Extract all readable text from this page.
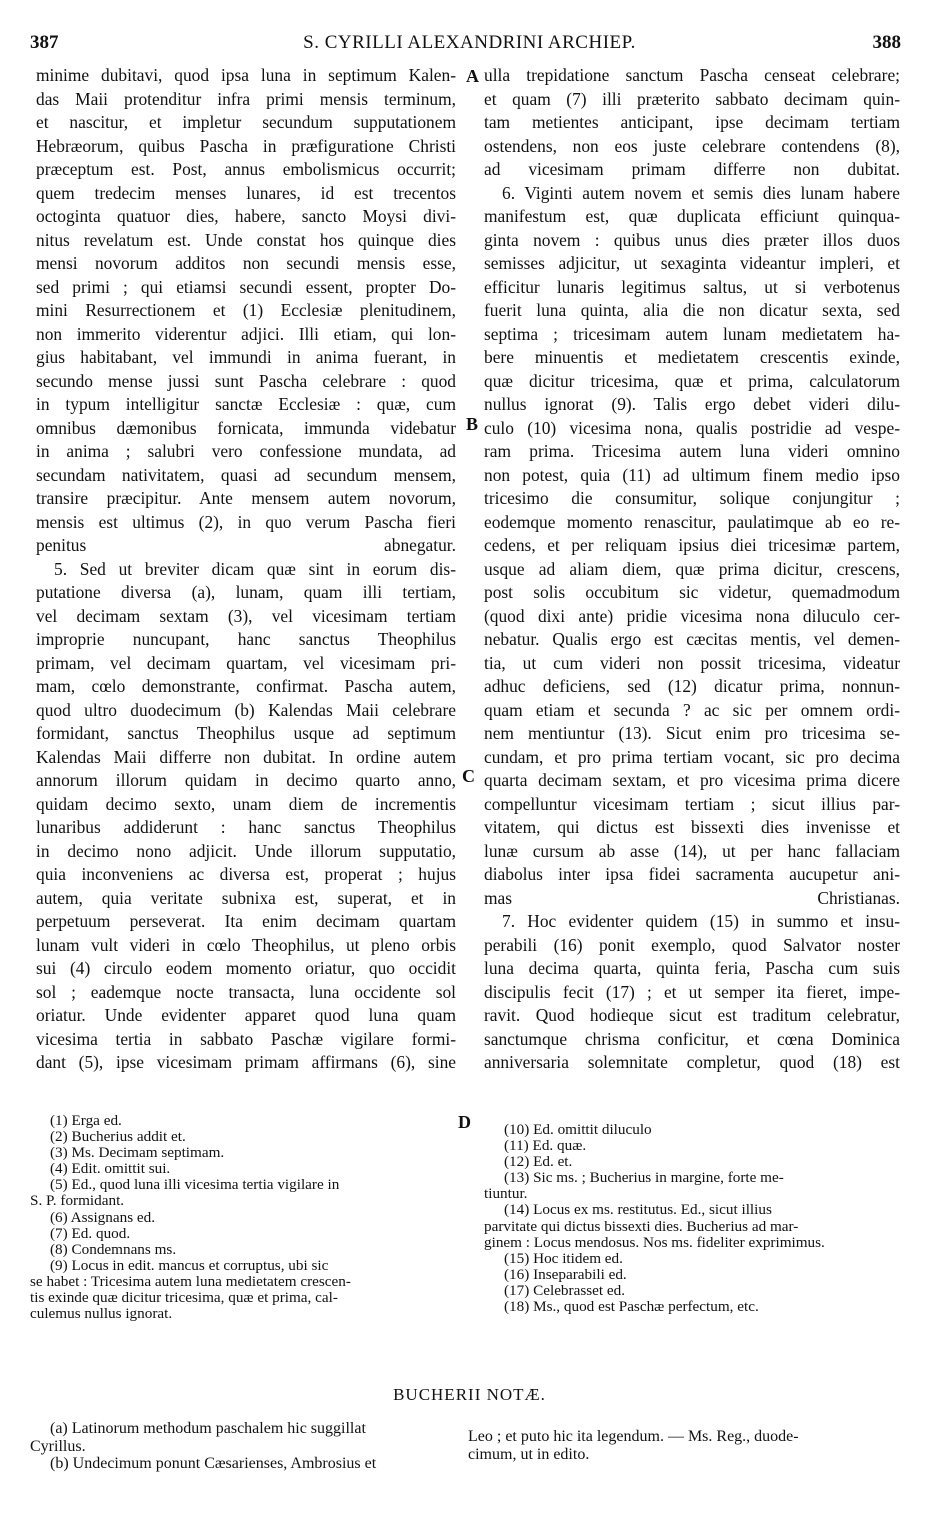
387	S. CYRILLI ALEXANDRINI ARCHIEP.	388
A
B
C
D
minime dubitavi, quod ipsa luna in septimum Kalen-
das Maii protenditur infra primi mensis terminum,
et nascitur, et impletur secundum supputationem
Hebræorum, quibus Pascha in præfiguratione Christi
præceptum est. Post, annus embolismicus occurrit;
quem tredecim menses lunares, id est trecentos
octoginta quatuor dies, habere, sancto Moysi divi-
nitus revelatum est. Unde constat hos quinque dies
mensi novorum additos non secundi mensis esse,
sed primi ; qui etiamsi secundi essent, propter Do-
mini Resurrectionem et (1) Ecclesiæ plenitudinem,
non immerito viderentur adjici. Illi etiam, qui lon-
gius habitabant, vel immundi in anima fuerant, in
secundo mense jussi sunt Pascha celebrare : quod
in typum intelligitur sanctæ Ecclesiæ : quæ, cum
omnibus dæmonibus fornicata, immunda videbatur
in anima ; salubri vero confessione mundata, ad
secundam nativitatem, quasi ad secundum mensem,
transire præcipitur. Ante mensem autem novorum,
mensis est ultimus (2), in quo verum Pascha fieri
penitus abnegatur.
5. Sed ut breviter dicam quæ sint in eorum dis-
putatione diversa (a), lunam, quam illi tertiam,
vel decimam sextam (3), vel vicesimam tertiam
improprie nuncupant, hanc sanctus Theophilus
primam, vel decimam quartam, vel vicesimam pri-
mam, cœlo demonstrante, confirmat. Pascha autem,
quod ultro duodecimum (b) Kalendas Maii celebrare
formidant, sanctus Theophilus usque ad septimum
Kalendas Maii differre non dubitat. In ordine autem
annorum illorum quidam in decimo quarto anno,
quidam decimo sexto, unam diem de incrementis
lunaribus addiderunt : hanc sanctus Theophilus
in decimo nono adjicit. Unde illorum supputatio,
quia inconveniens ac diversa est, properat ; hujus
autem, quia veritate subnixa est, superat, et in
perpetuum perseverat. Ita enim decimam quartam
lunam vult videri in cœlo Theophilus, ut pleno orbis
sui (4) circulo eodem momento oriatur, quo occidit
sol ; eademque nocte transacta, luna occidente sol
oriatur. Unde evidenter apparet quod luna quam
vicesima tertia in sabbato Paschæ vigilare formi-
dant (5), ipse vicesimam primam affirmans (6), sine
ulla trepidatione sanctum Pascha censeat celebrare;
et quam (7) illi præterito sabbato decimam quin-
tam metientes anticipant, ipse decimam tertiam
ostendens, non eos juste celebrare contendens (8),
ad vicesimam primam differre non dubitat.
6. Viginti autem novem et semis dies lunam habere
manifestum est, quæ duplicata efficiunt quinqua-
ginta novem : quibus unus dies præter illos duos
semisses adjicitur, ut sexaginta videantur impleri, et
efficitur lunaris legitimus saltus, ut si verbotenus
fuerit luna quinta, alia die non dicatur sexta, sed
septima ; tricesimam autem lunam medietatem ha-
bere minuentis et medietatem crescentis exinde,
quæ dicitur tricesima, quæ et prima, calculatorum
nullus ignorat (9). Talis ergo debet videri dilu-
culo (10) vicesima nona, qualis postridie ad vespe-
ram prima. Tricesima autem luna videri omnino
non potest, quia (11) ad ultimum finem medio ipso
tricesimo die consumitur, solique conjungitur ;
eodemque momento renascitur, paulatimque ab eo re-
cedens, et per reliquam ipsius diei tricesimæ partem,
usque ad aliam diem, quæ prima dicitur, crescens,
post solis occubitum sic videtur, quemadmodum
(quod dixi ante) pridie vicesima nona diluculo cer-
nebatur. Qualis ergo est cæcitas mentis, vel demen-
tia, ut cum videri non possit tricesima, videatur
adhuc deficiens, sed (12) dicatur prima, nonnun-
quam etiam et secunda ? ac sic per omnem ordi-
nem mentiuntur (13). Sicut enim pro tricesima se-
cundam, et pro prima tertiam vocant, sic pro decima
quarta decimam sextam, et pro vicesima prima dicere
compelluntur vicesimam tertiam ; sicut illius par-
vitatem, qui dictus est bissexti dies invenisse et
lunæ cursum ab asse (14), ut per hanc fallaciam
diabolus inter ipsa fidei sacramenta aucupetur ani-
mas Christianas.
7. Hoc evidenter quidem (15) in summo et insu-
perabili (16) ponit exemplo, quod Salvator noster
luna decima quarta, quinta feria, Pascha cum suis
discipulis fecit (17) ; et ut semper ita fieret, impe-
ravit. Quod hodieque sicut est traditum celebratur,
sanctumque chrisma conficitur, et cœna Dominica
anniversaria solemnitate completur, quod (18) est
(1) Erga ed.
(2) Bucherius addit et.
(3) Ms. Decimam septimam.
(4) Edit. omittit sui.
(5) Ed., quod luna illi vicesima tertia vigilare in
S. P. formidant.
(6) Assignans ed.
(7) Ed. quod.
(8) Condemnans ms.
(9) Locus in edit. mancus et corruptus, ubi sic
se habet : Tricesima autem luna medietatem crescen-
tis exinde quæ dicitur tricesima, quæ et prima, cal-
culemus nullus ignorat.
(10) Ed. omittit diluculo
(11) Ed. quæ.
(12) Ed. et.
(13) Sic ms. ; Bucherius in margine, forte me-
tiuntur.
(14) Locus ex ms. restitutus. Ed., sicut illius
parvitate qui dictus bissexti dies. Bucherius ad mar-
ginem : Locus mendosus. Nos ms. fideliter exprimimus.
(15) Hoc itidem ed.
(16) Inseparabili ed.
(17) Celebrasset ed.
(18) Ms., quod est Paschæ perfectum, etc.
BUCHERII NOTÆ.
(a) Latinorum methodum paschalem hic suggillat
Cyrillus.
(b) Undecimum ponunt Cæsarienses, Ambrosius et
Leo ; et puto hic ita legendum. — Ms. Reg., duode-
cimum, ut in edito.
